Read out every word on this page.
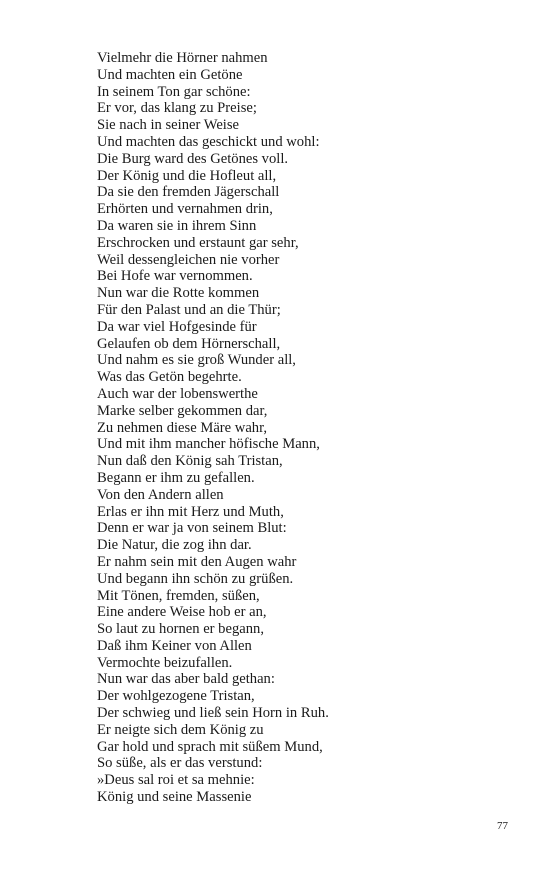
Vielmehr die Hörner nahmen
Und machten ein Getöne
In seinem Ton gar schöne:
Er vor, das klang zu Preise;
Sie nach in seiner Weise
Und machten das geschickt und wohl:
Die Burg ward des Getönes voll.
Der König und die Hofleut all,
Da sie den fremden Jägerschall
Erhörten und vernahmen drin,
Da waren sie in ihrem Sinn
Erschrocken und erstaunt gar sehr,
Weil dessengleichen nie vorher
Bei Hofe war vernommen.
Nun war die Rotte kommen
Für den Palast und an die Thür;
Da war viel Hofgesinde für
Gelaufen ob dem Hörnerschall,
Und nahm es sie groß Wunder all,
Was das Getön begehrte.
Auch war der lobenswerthe
Marke selber gekommen dar,
Zu nehmen diese Märe wahr,
Und mit ihm mancher höfische Mann,
Nun daß den König sah Tristan,
Begann er ihm zu gefallen.
Von den Andern allen
Erlas er ihn mit Herz und Muth,
Denn er war ja von seinem Blut:
Die Natur, die zog ihn dar.
Er nahm sein mit den Augen wahr
Und begann ihn schön zu grüßen.
Mit Tönen, fremden, süßen,
Eine andere Weise hob er an,
So laut zu hornen er begann,
Daß ihm Keiner von Allen
Vermochte beizufallen.
Nun war das aber bald gethan:
Der wohlgezogene Tristan,
Der schwieg und ließ sein Horn in Ruh.
Er neigte sich dem König zu
Gar hold und sprach mit süßem Mund,
So süße, als er das verstund:
»Deus sal roi et sa mehnie:
König und seine Massenie
77
